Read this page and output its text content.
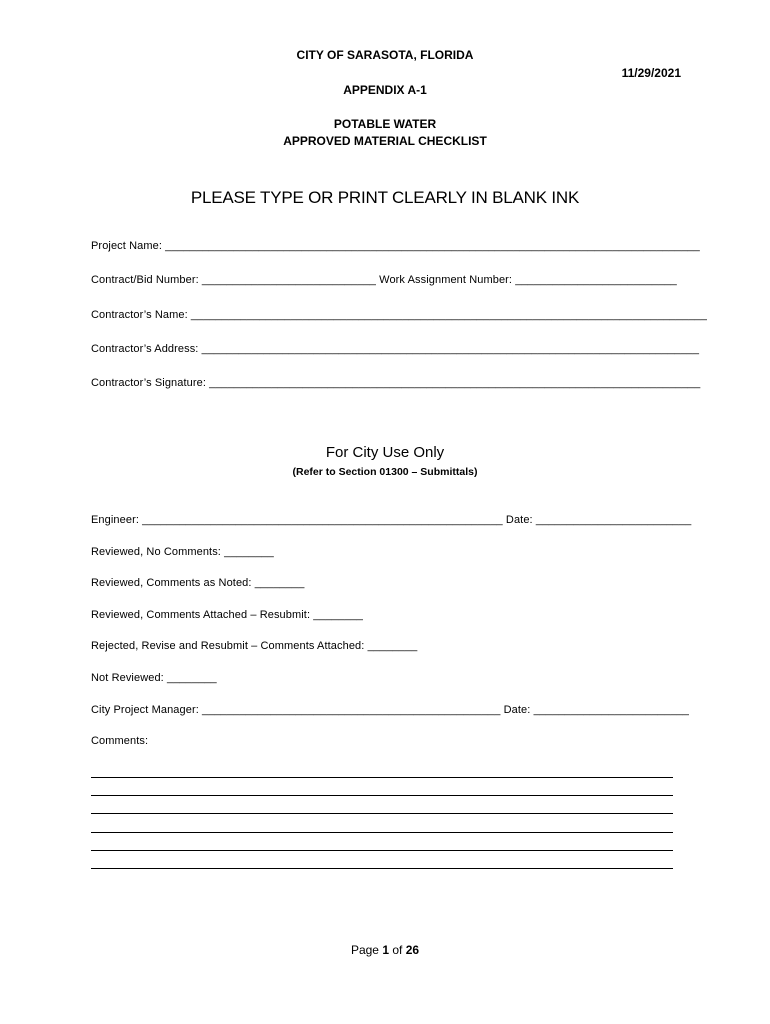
CITY OF SARASOTA, FLORIDA
11/29/2021
APPENDIX A-1
POTABLE WATER
APPROVED MATERIAL CHECKLIST
PLEASE TYPE OR PRINT CLEARLY IN BLANK INK
Project Name: ______________________________________________________________________________________
Contract/Bid Number: ____________________________ Work Assignment Number: __________________________
Contractor’s Name: ___________________________________________________________________________________
Contractor’s Address: ________________________________________________________________________________
Contractor’s Signature: _______________________________________________________________________________
For City Use Only
(Refer to Section 01300 – Submittals)
Engineer: __________________________________________________________ Date: _________________________
Reviewed, No Comments: ________
Reviewed, Comments as Noted: ________
Reviewed, Comments Attached – Resubmit: ________
Rejected, Revise and Resubmit – Comments Attached: ________
Not Reviewed: ________
City Project Manager: ________________________________________________ Date: _________________________
Comments:
Page 1 of 26
